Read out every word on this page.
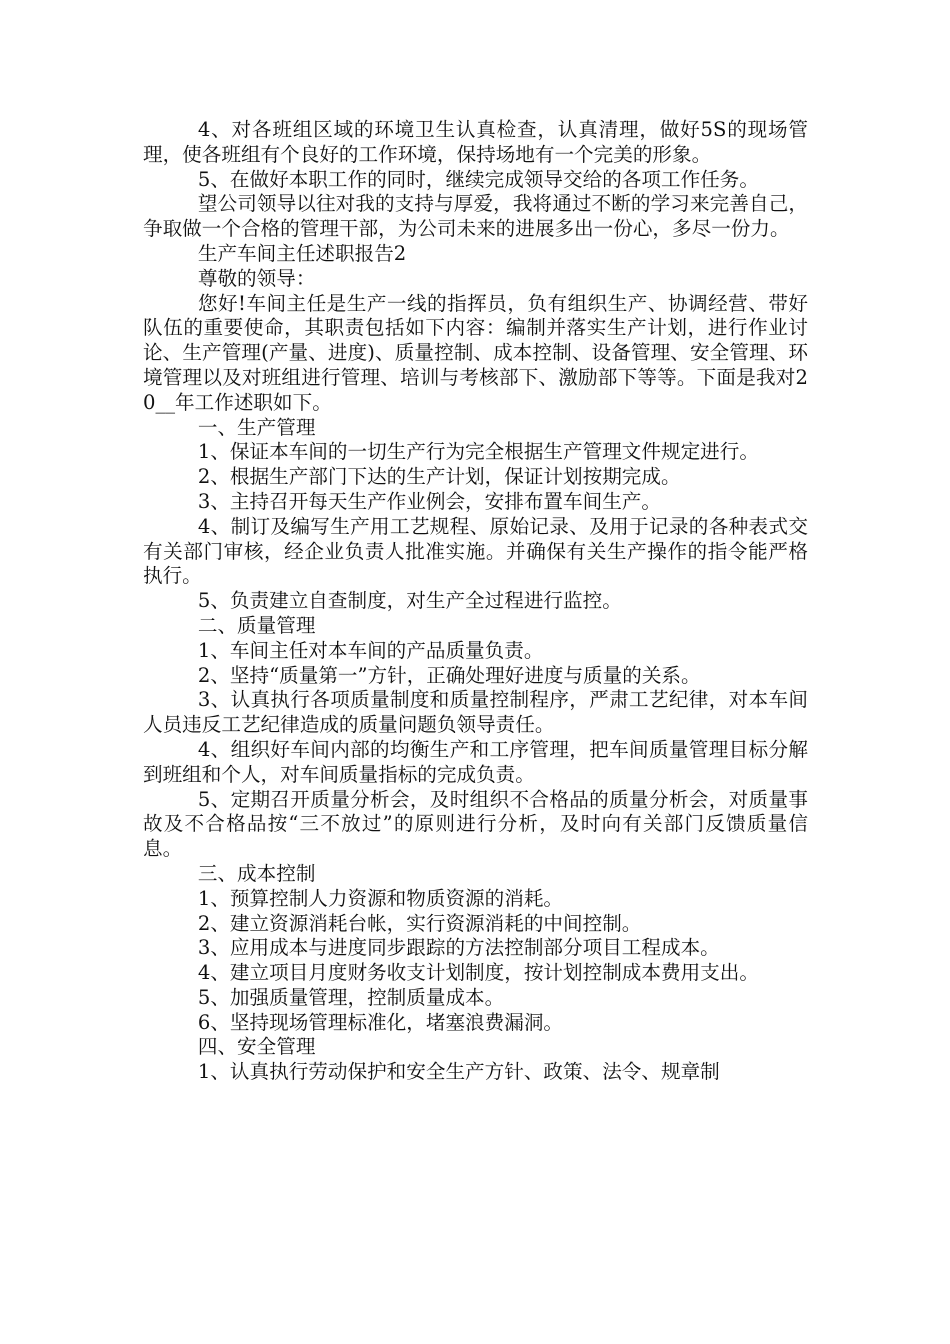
4、对各班组区域的环境卫生认真检查，认真清理，做好5S的现场管理，使各班组有个良好的工作环境，保持场地有一个完美的形象。

5、在做好本职工作的同时，继续完成领导交给的各项工作任务。

望公司领导以往对我的支持与厚爱，我将通过不断的学习来完善自己，争取做一个合格的管理干部，为公司未来的进展多出一份心，多尽一份力。

生产车间主任述职报告2

尊敬的领导：

您好!车间主任是生产一线的指挥员，负有组织生产、协调经营、带好队伍的重要使命，其职责包括如下内容：编制并落实生产计划，进行作业讨论、生产管理(产量、进度)、质量控制、成本控制、设备管理、安全管理、环境管理以及对班组进行管理、培训与考核部下、激励部下等等。下面是我对20__年工作述职如下。

一、生产管理

1、保证本车间的一切生产行为完全根据生产管理文件规定进行。

2、根据生产部门下达的生产计划，保证计划按期完成。

3、主持召开每天生产作业例会，安排布置车间生产。

4、制订及编写生产用工艺规程、原始记录、及用于记录的各种表式交有关部门审核，经企业负责人批准实施。并确保有关生产操作的指令能严格执行。

5、负责建立自查制度，对生产全过程进行监控。

二、质量管理

1、车间主任对本车间的产品质量负责。

2、坚持“质量第一”方针，正确处理好进度与质量的关系。

3、认真执行各项质量制度和质量控制程序，严肃工艺纪律，对本车间人员违反工艺纪律造成的质量问题负领导责任。

4、组织好车间内部的均衡生产和工序管理，把车间质量管理目标分解到班组和个人，对车间质量指标的完成负责。

5、定期召开质量分析会，及时组织不合格品的质量分析会，对质量事故及不合格品按“三不放过”的原则进行分析，及时向有关部门反馈质量信息。

三、成本控制

1、预算控制人力资源和物质资源的消耗。

2、建立资源消耗台帐，实行资源消耗的中间控制。

3、应用成本与进度同步跟踪的方法控制部分项目工程成本。

4、建立项目月度财务收支计划制度，按计划控制成本费用支出。

5、加强质量管理，控制质量成本。

6、坚持现场管理标准化，堵塞浪费漏洞。

四、安全管理

1、认真执行劳动保护和安全生产方针、政策、法令、规章制
